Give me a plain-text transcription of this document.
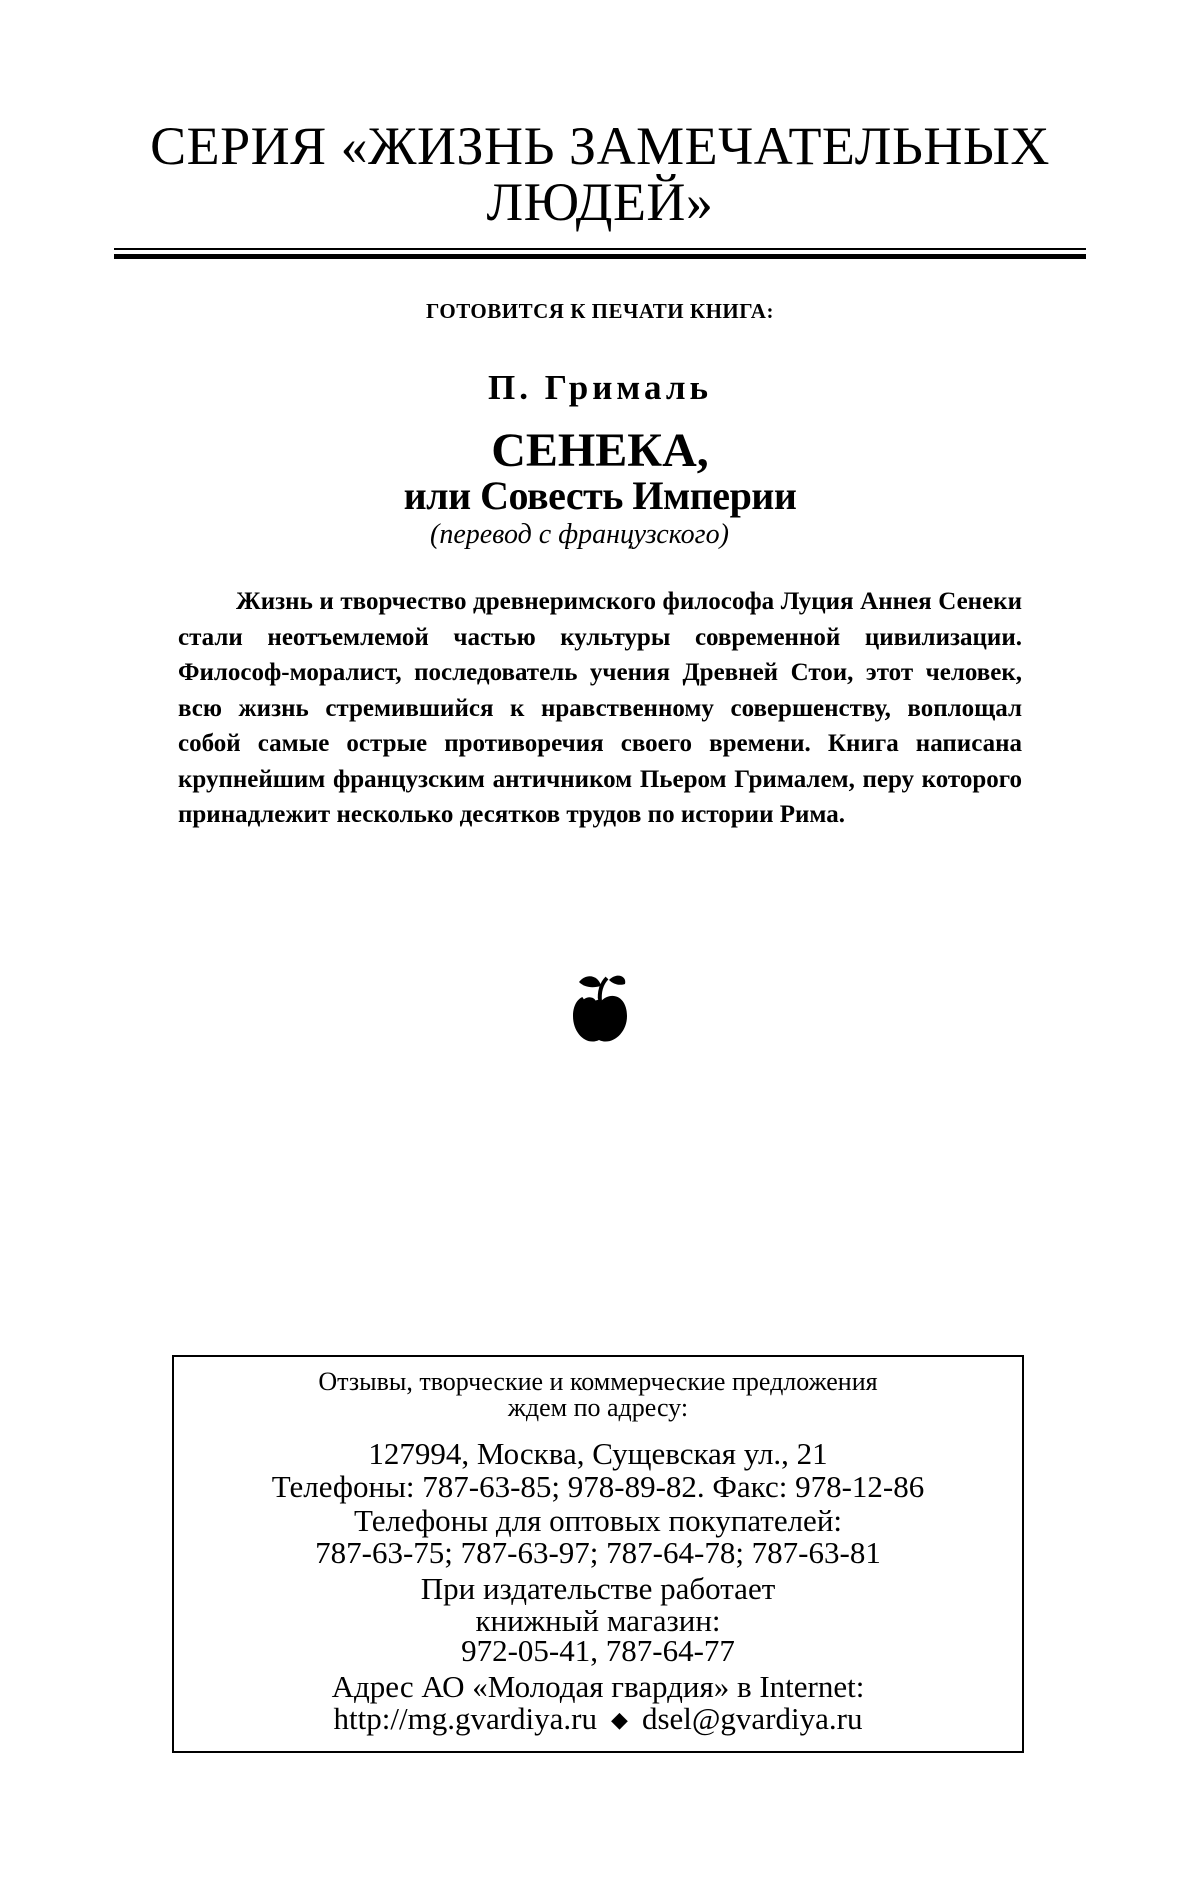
СЕРИЯ «ЖИЗНЬ ЗАМЕЧАТЕЛЬНЫХ
ЛЮДЕЙ»
ГОТОВИТСЯ К ПЕЧАТИ КНИГА:
П. Грималь
СЕНЕКА,
или Совесть Империи
(перевод с французского)

Жизнь и творчество древнеримского философа Луция Аннея Сенеки стали неотъемлемой частью культуры современной цивилизации. Философ-моралист, последователь учения Древней Стои, этот человек, всю жизнь стремившийся к нравственному совершенству, воплощал собой самые острые противоречия своего времени. Книга написана крупнейшим французским античником Пьером Грималем, перу которого принадлежит несколько десятков трудов по истории Рима.

Отзывы, творческие и коммерческие предложения
ждем по адресу:
127994, Москва, Сущевская ул., 21
Телефоны: 787-63-85; 978-89-82. Факс: 978-12-86
Телефоны для оптовых покупателей:
787-63-75; 787-63-97; 787-64-78; 787-63-81
При издательстве работает
книжный магазин:
972-05-41, 787-64-77
Адрес АО «Молодая гвардия» в Internet:
http://mg.gvardiya.ru ◆ dsel@gvardiya.ru
